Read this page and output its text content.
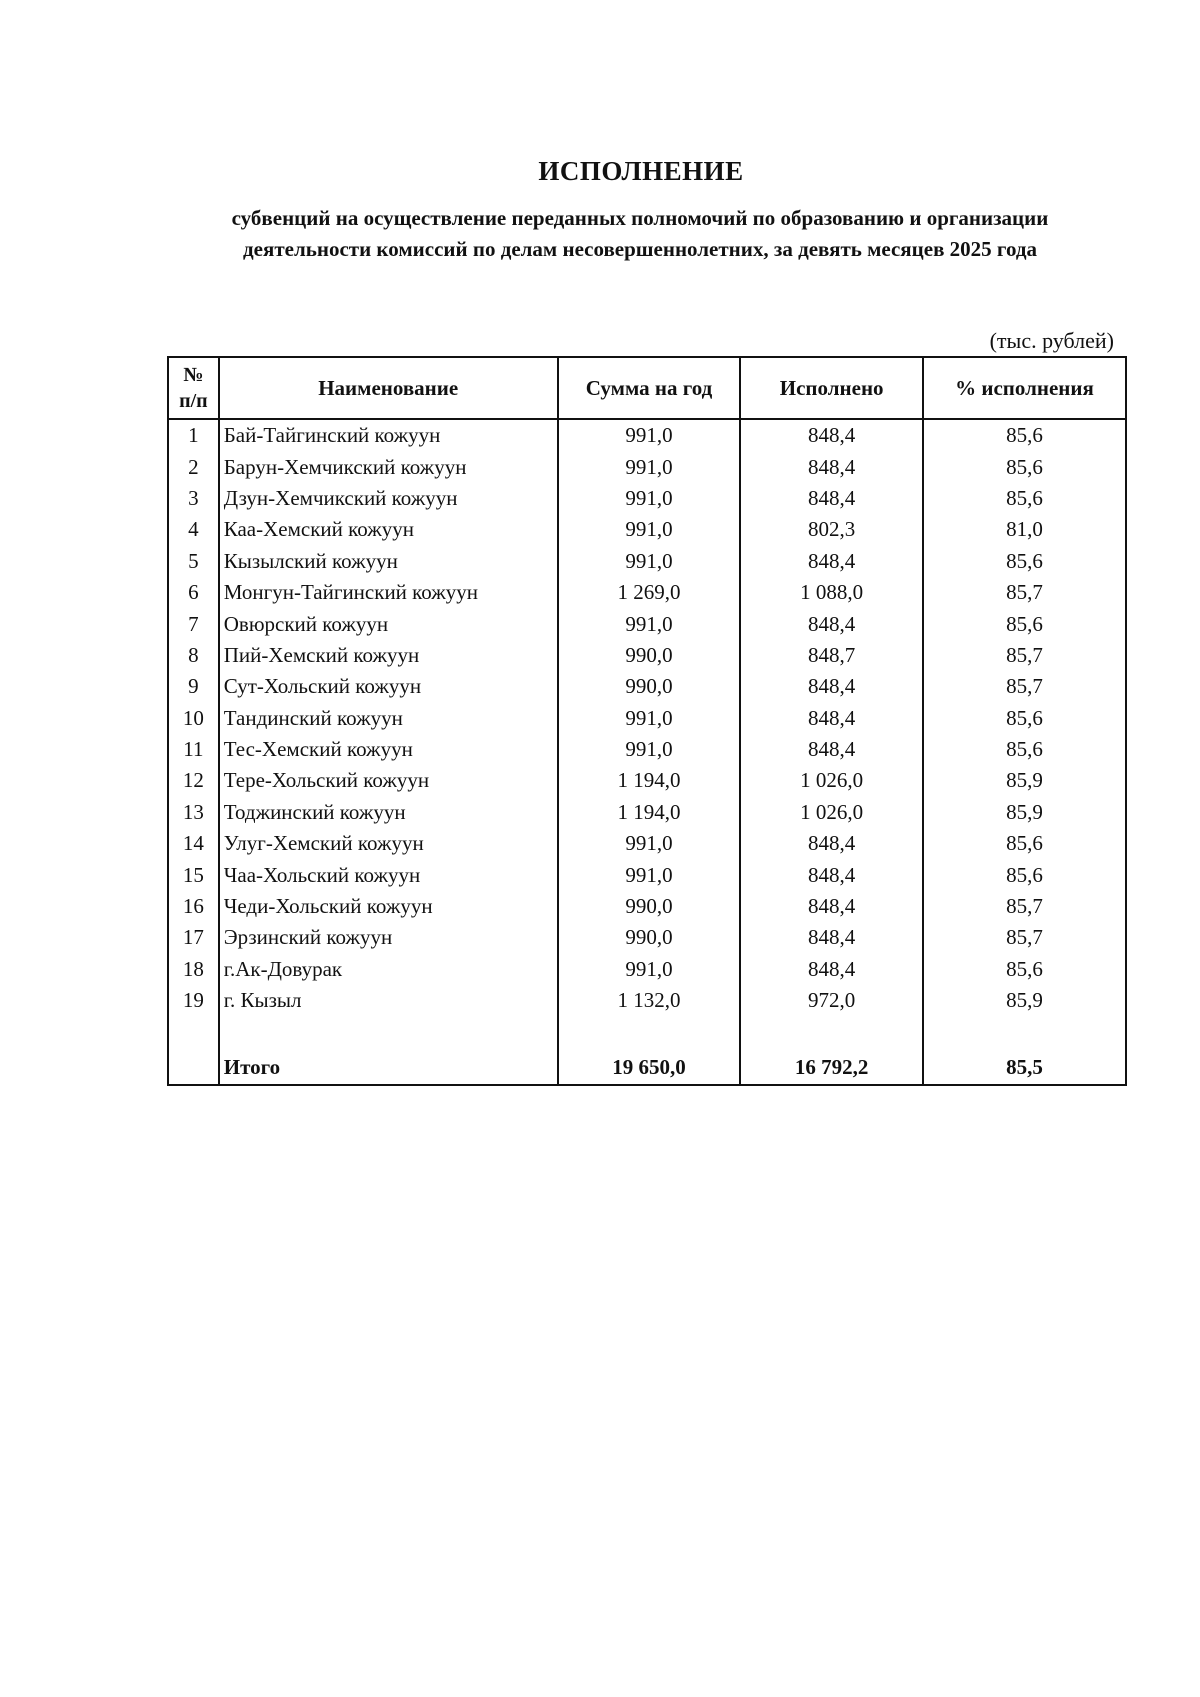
ИСПОЛНЕНИЕ

субвенций на осуществление переданных полномочий по образованию и организации деятельности комиссий по делам несовершеннолетних, за девять месяцев 2025 года

(тыс. рублей)

№
п/п	Наименование	Сумма на год	Исполнено	% исполнения
1	Бай-Тайгинский кожуун	991,0	848,4	85,6
2	Барун-Хемчикский кожуун	991,0	848,4	85,6
3	Дзун-Хемчикский кожуун	991,0	848,4	85,6
4	Каа-Хемский кожуун	991,0	802,3	81,0
5	Кызылский кожуун	991,0	848,4	85,6
6	Монгун-Тайгинский кожуун	1 269,0	1 088,0	85,7
7	Овюрский кожуун	991,0	848,4	85,6
8	Пий-Хемский кожуун	990,0	848,7	85,7
9	Сут-Хольский кожуун	990,0	848,4	85,7
10	Тандинский кожуун	991,0	848,4	85,6
11	Тес-Хемский кожуун	991,0	848,4	85,6
12	Тере-Хольский кожуун	1 194,0	1 026,0	85,9
13	Тоджинский кожуун	1 194,0	1 026,0	85,9
14	Улуг-Хемский кожуун	991,0	848,4	85,6
15	Чаа-Хольский кожуун	991,0	848,4	85,6
16	Чеди-Хольский кожуун	990,0	848,4	85,7
17	Эрзинский кожуун	990,0	848,4	85,7
18	г.Ак-Довурак	991,0	848,4	85,6
19	г. Кызыл	1 132,0	972,0	85,9

	Итого	19 650,0	16 792,2	85,5
